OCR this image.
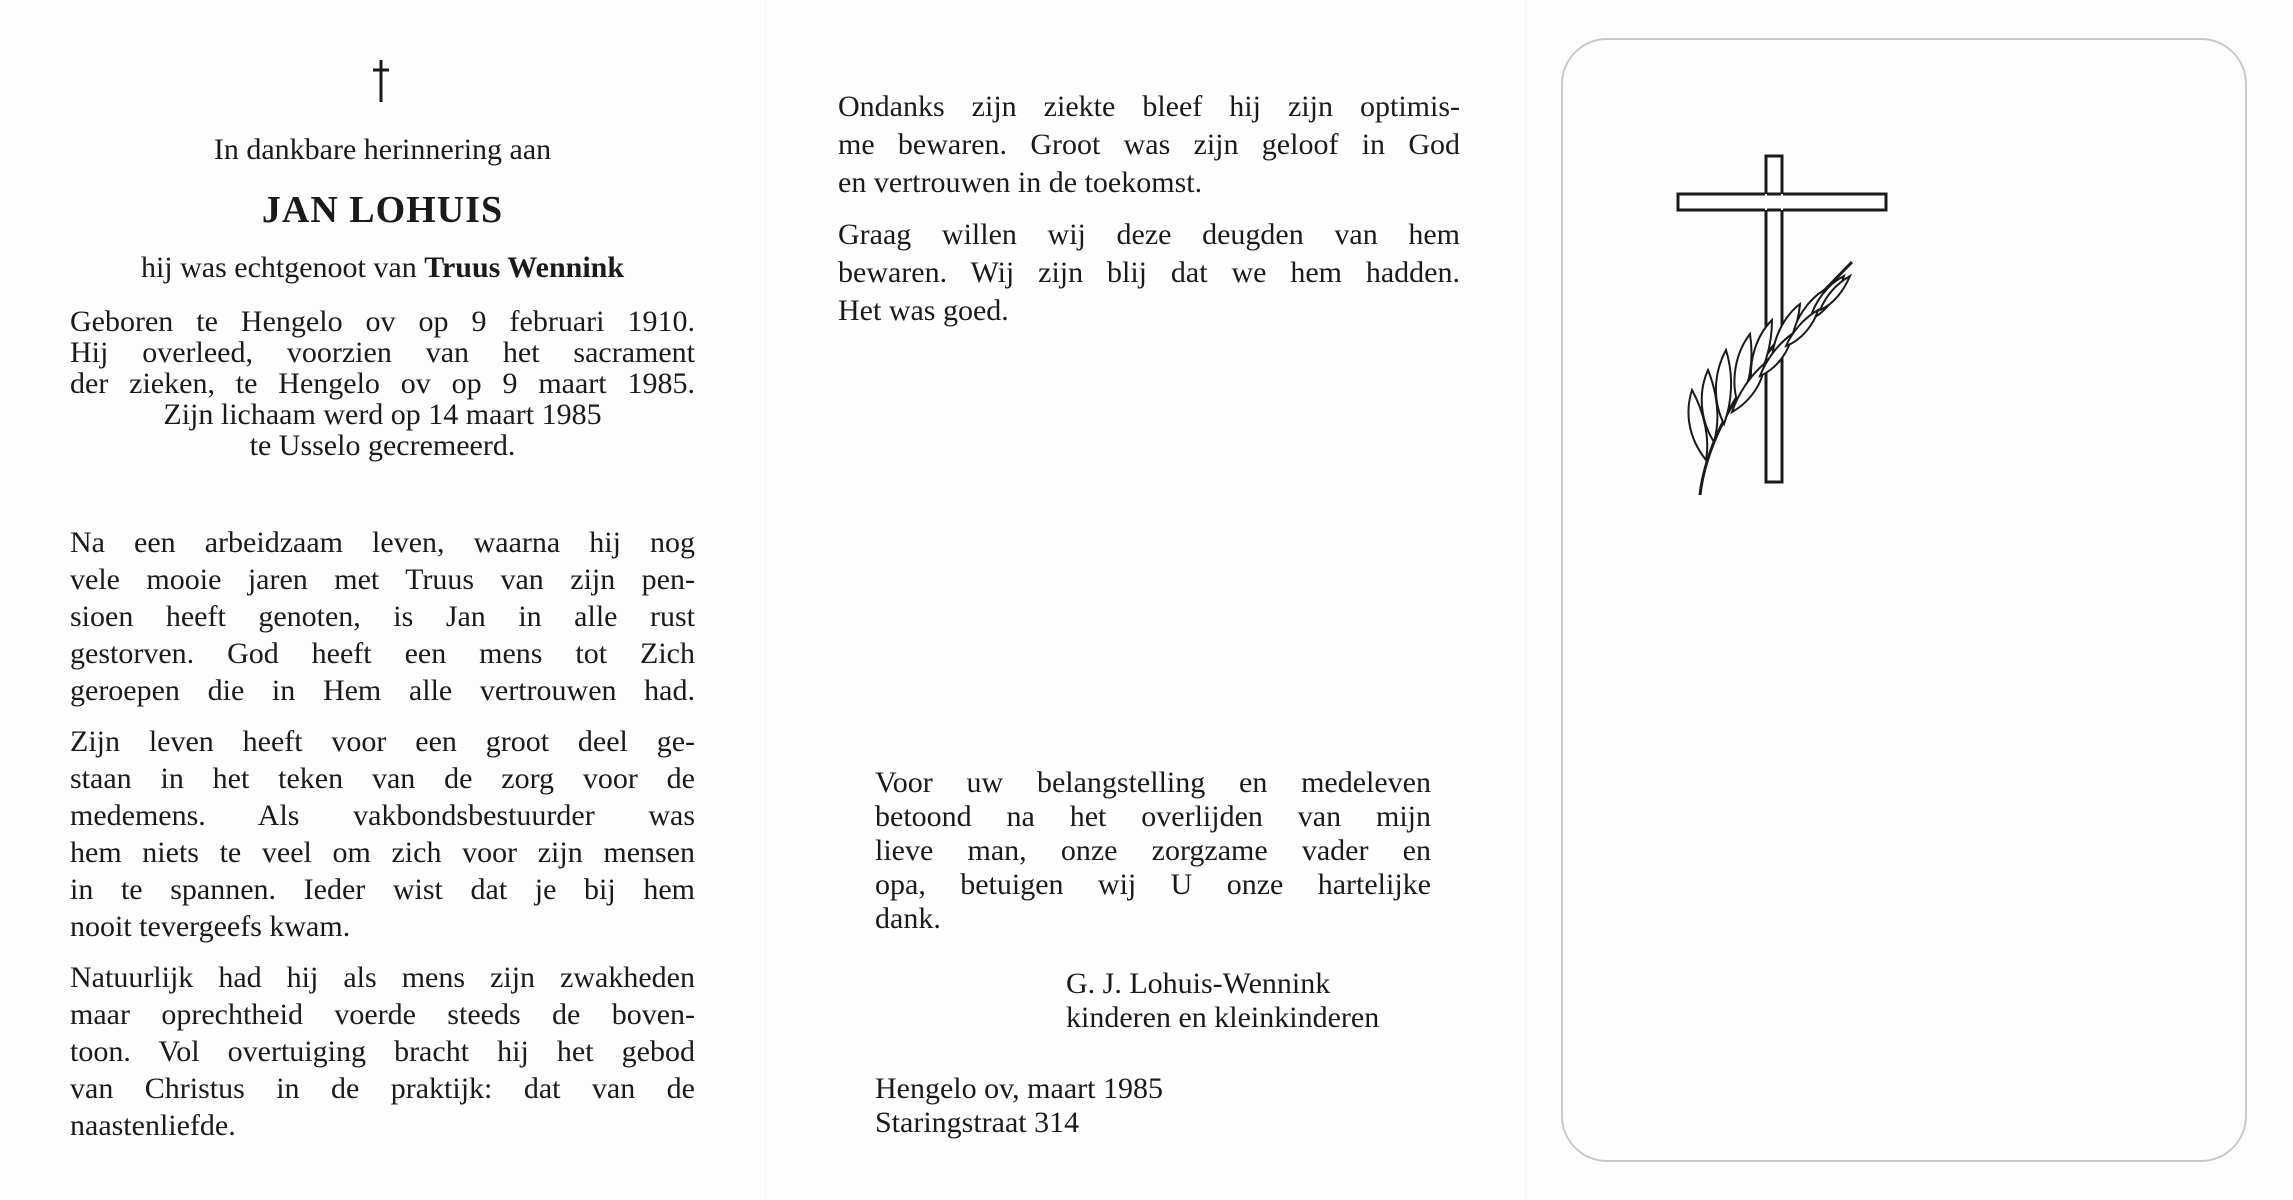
In dankbare herinnering aan
JAN LOHUIS
hij was echtgenoot van Truus Wennink
Geboren te Hengelo ov op 9 februari 1910.
Hij overleed, voorzien van het sacrament
der zieken, te Hengelo ov op 9 maart 1985.
Zijn lichaam werd op 14 maart 1985
te Usselo gecremeerd.

Na een arbeidzaam leven, waarna hij nog
vele mooie jaren met Truus van zijn pen-
sioen heeft genoten, is Jan in alle rust
gestorven. God heeft een mens tot Zich
geroepen die in Hem alle vertrouwen had.

Zijn leven heeft voor een groot deel ge-
staan in het teken van de zorg voor de
medemens. Als vakbondsbestuurder was
hem niets te veel om zich voor zijn mensen
in te spannen. Ieder wist dat je bij hem
nooit tevergeefs kwam.

Natuurlijk had hij als mens zijn zwakheden
maar oprechtheid voerde steeds de boven-
toon. Vol overtuiging bracht hij het gebod
van Christus in de praktijk: dat van de
naastenliefde.

Ondanks zijn ziekte bleef hij zijn optimis-
me bewaren. Groot was zijn geloof in God
en vertrouwen in de toekomst.

Graag willen wij deze deugden van hem
bewaren. Wij zijn blij dat we hem hadden.
Het was goed.

Voor uw belangstelling en medeleven
betoond na het overlijden van mijn
lieve man, onze zorgzame vader en
opa, betuigen wij U onze hartelijke
dank.

G. J. Lohuis-Wennink
kinderen en kleinkinderen
Hengelo ov, maart 1985
Staringstraat 314
